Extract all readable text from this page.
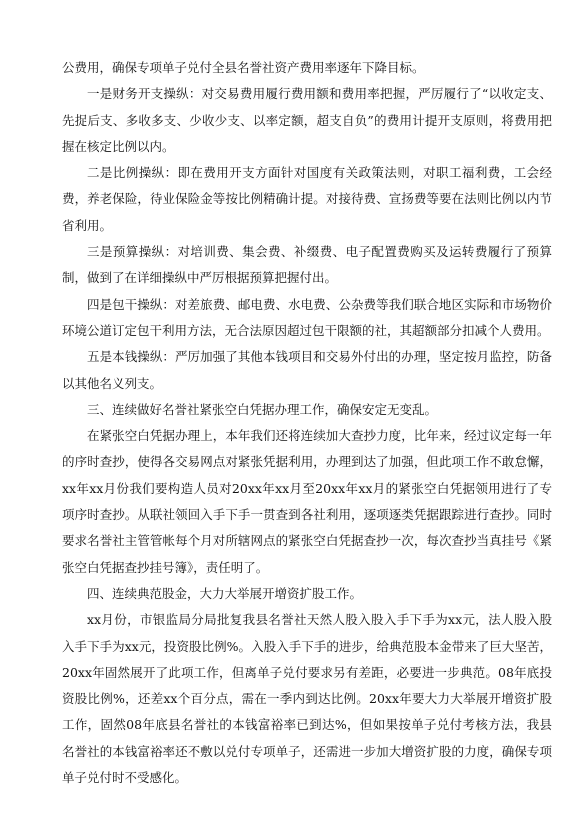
公费用，确保专项单子兑付全县名誉社资产费用率逐年下降目标。

一是财务开支操纵：对交易费用履行费用额和费用率把握，严厉履行了“以收定支、先捉后支、多收多支、少收少支、以率定额，超支自负”的费用计提开支原则，将费用把握在核定比例以内。

二是比例操纵：即在费用开支方面针对国度有关政策法则，对职工福利费，工会经费，养老保险，待业保险金等按比例精确计提。对接待费、宣扬费等要在法则比例以内节省利用。

三是预算操纵：对培训费、集会费、补缀费、电子配置费购买及运转费履行了预算制，做到了在详细操纵中严厉根据预算把握付出。

四是包干操纵：对差旅费、邮电费、水电费、公杂费等我们联合地区实际和市场物价环境公道订定包干利用方法，无合法原因超过包干限额的社，其超额部分扣减个人费用。

五是本钱操纵：严厉加强了其他本钱项目和交易外付出的办理，坚定按月监控，防备以其他名义列支。

三、连续做好名誉社紧张空白凭据办理工作，确保安定无变乱。

在紧张空白凭据办理上，本年我们还将连续加大查抄力度，比年来，经过议定每一年的序时查抄，使得各交易网点对紧张凭据利用，办理到达了加强，但此项工作不敢怠懈，xx年xx月份我们要构造人员对20xx年xx月至20xx年xx月的紧张空白凭据领用进行了专项序时查抄。从联社领回入手下手一贯查到各社利用，逐项逐类凭据跟踪进行查抄。同时要求名誉社主管管帐每个月对所辖网点的紧张空白凭据查抄一次，每次查抄当真挂号《紧张空白凭据查抄挂号簿》，责任明了。

四、连续典范股金，大力大举展开增资扩股工作。

xx月份，市银监局分局批复我县名誉社天然人股入股入手下手为xx元，法人股入股入手下手为xx元，投资股比例%。入股入手下手的进步，给典范股本金带来了巨大坚苦，20xx年固然展开了此项工作，但离单子兑付要求另有差距，必要进一步典范。08年底投资股比例%，还差xx个百分点，需在一季内到达比例。20xx年要大力大举展开增资扩股工作，固然08年底县名誉社的本钱富裕率已到达%，但如果按单子兑付考核方法，我县名誉社的本钱富裕率还不敷以兑付专项单子，还需进一步加大增资扩股的力度，确保专项单子兑付时不受感化。
